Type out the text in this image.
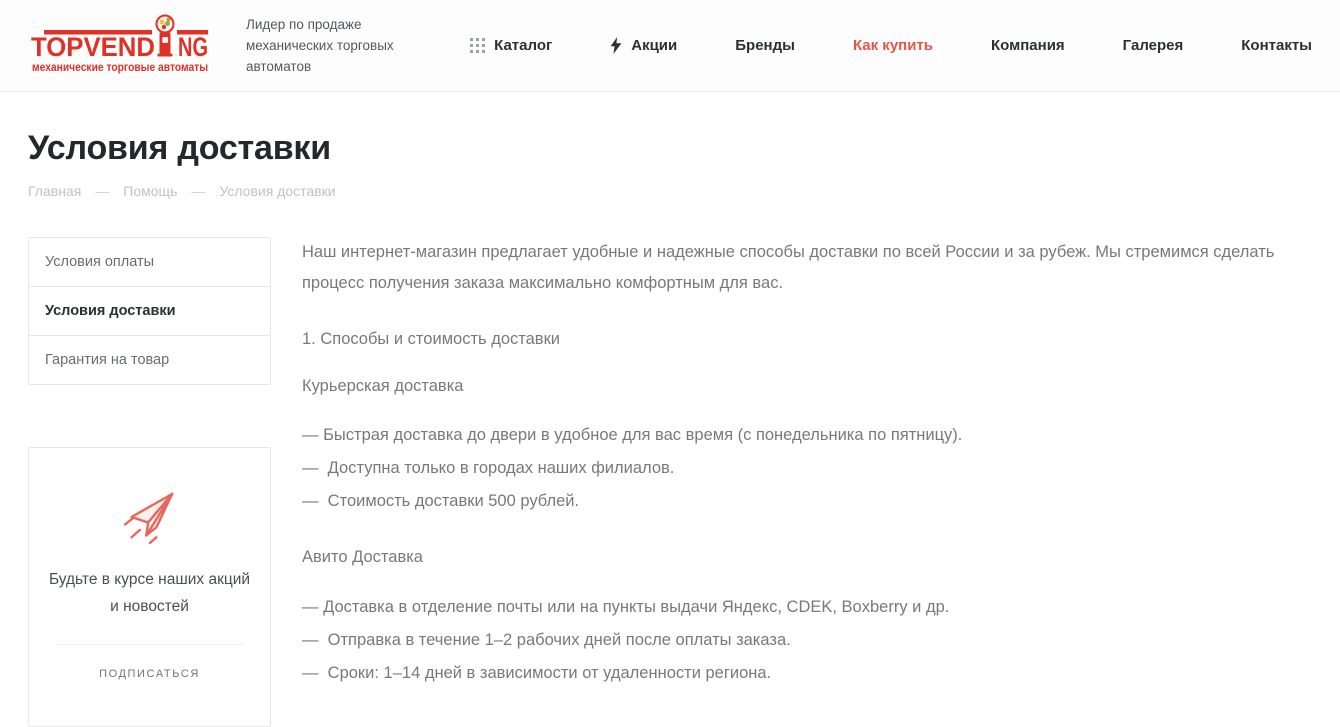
TOPVEND NG
механические торговые автоматы
Лидер по продаже механических торговых автоматов
Каталог	Акции	Бренды	Как купить	Компания	Галерея	Контакты
Условия доставки
Главная — Помощь — Условия доставки
Условия оплаты
Условия доставки
Гарантия на товар
Будьте в курсе наших акций и новостей
ПОДПИСАТЬСЯ

Наш интернет-магазин предлагает удобные и надежные способы доставки по всей России и за рубеж. Мы стремимся сделать процесс получения заказа максимально комфортным для вас.

1. Способы и стоимость доставки

Курьерская доставка

— Быстрая доставка до двери в удобное для вас время (с понедельника по пятницу).
—  Доступна только в городах наших филиалов.
—  Стоимость доставки 500 рублей.

Авито Доставка

— Доставка в отделение почты или на пункты выдачи Яндекс, CDEK, Boxberry и др.
—  Отправка в течение 1–2 рабочих дней после оплаты заказа.
—  Сроки: 1–14 дней в зависимости от удаленности региона.
